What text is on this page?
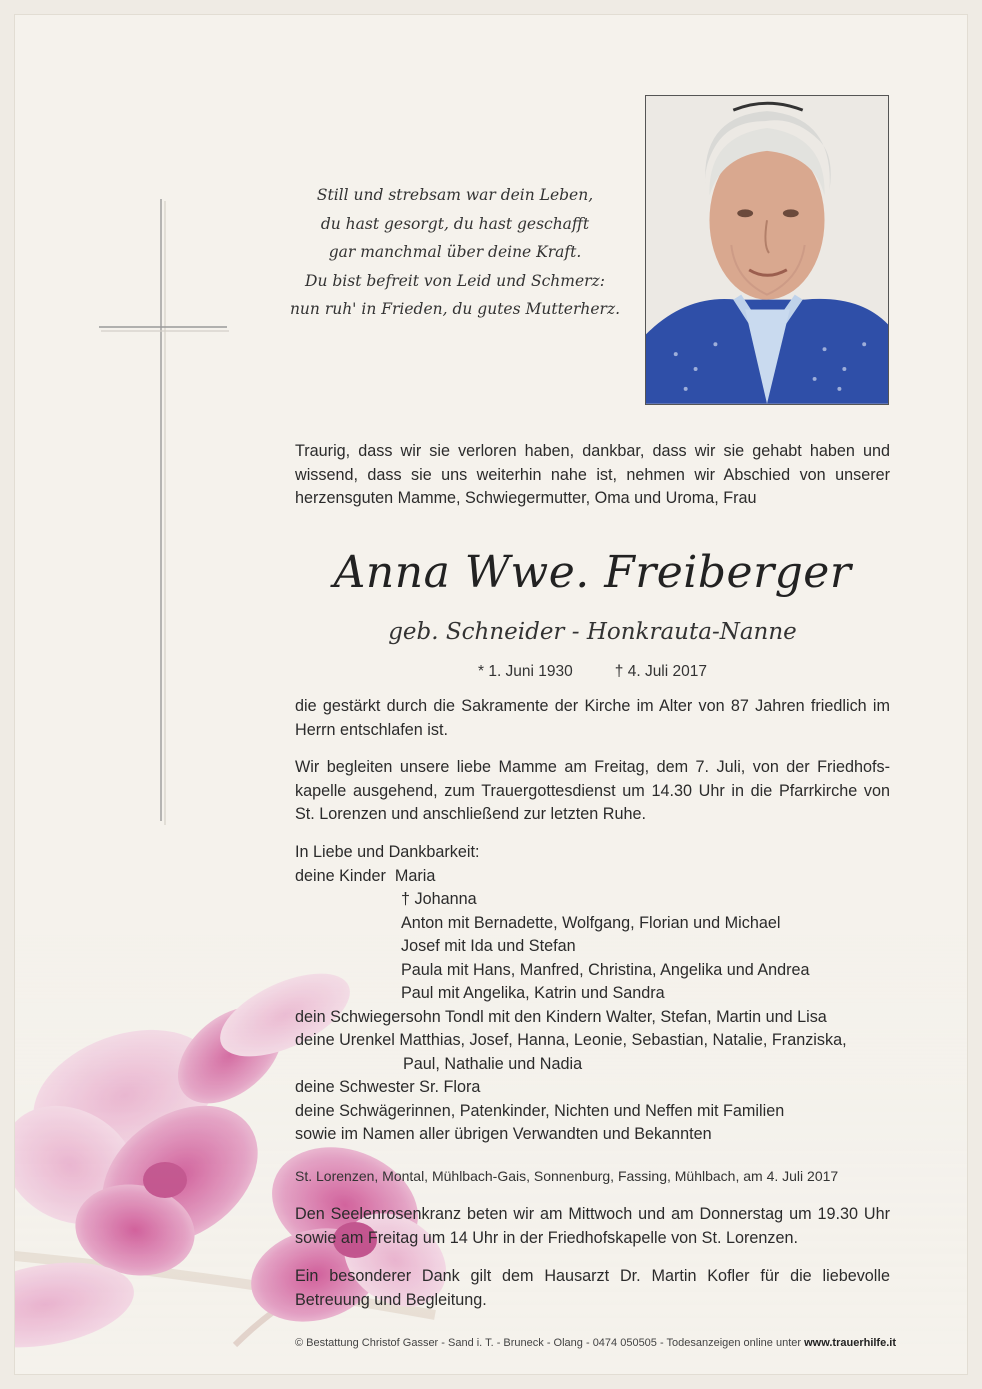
Still und strebsam war dein Leben,
du hast gesorgt, du hast geschafft
gar manchmal über deine Kraft.
Du bist befreit von Leid und Schmerz:
nun ruh' in Frieden, du gutes Mutterherz.
Traurig, dass wir sie verloren haben, dankbar, dass wir sie gehabt haben und wissend, dass sie uns weiterhin nahe ist, nehmen wir Abschied von unserer herzensguten Mamme, Schwiegermutter, Oma und Uroma, Frau
Anna Wwe. Freiberger
geb. Schneider - Honkrauta-Nanne
* 1. Juni 1930	† 4. Juli 2017
die gestärkt durch die Sakramente der Kirche im Alter von 87 Jahren friedlich im Herrn entschlafen ist.
Wir begleiten unsere liebe Mamme am Freitag, dem 7. Juli, von der Friedhofs-kapelle ausgehend, zum Trauergottesdienst um 14.30 Uhr in die Pfarrkirche von St. Lorenzen und anschließend zur letzten Ruhe.
In Liebe und Dankbarkeit:
deine Kinder Maria
† Johanna
Anton mit Bernadette, Wolfgang, Florian und Michael
Josef mit Ida und Stefan
Paula mit Hans, Manfred, Christina, Angelika und Andrea
Paul mit Angelika, Katrin und Sandra
dein Schwiegersohn Tondl mit den Kindern Walter, Stefan, Martin und Lisa
deine Urenkel Matthias, Josef, Hanna, Leonie, Sebastian, Natalie, Franziska,
Paul, Nathalie und Nadia
deine Schwester Sr. Flora
deine Schwägerinnen, Patenkinder, Nichten und Neffen mit Familien
sowie im Namen aller übrigen Verwandten und Bekannten
St. Lorenzen, Montal, Mühlbach-Gais, Sonnenburg, Fassing, Mühlbach, am 4. Juli 2017
Den Seelenrosenkranz beten wir am Mittwoch und am Donnerstag um 19.30 Uhr sowie am Freitag um 14 Uhr in der Friedhofskapelle von St. Lorenzen.
Ein besonderer Dank gilt dem Hausarzt Dr. Martin Kofler für die liebevolle Betreuung und Begleitung.
© Bestattung Christof Gasser - Sand i. T. - Bruneck - Olang - 0474 050505 - Todesanzeigen online unter www.trauerhilfe.it
